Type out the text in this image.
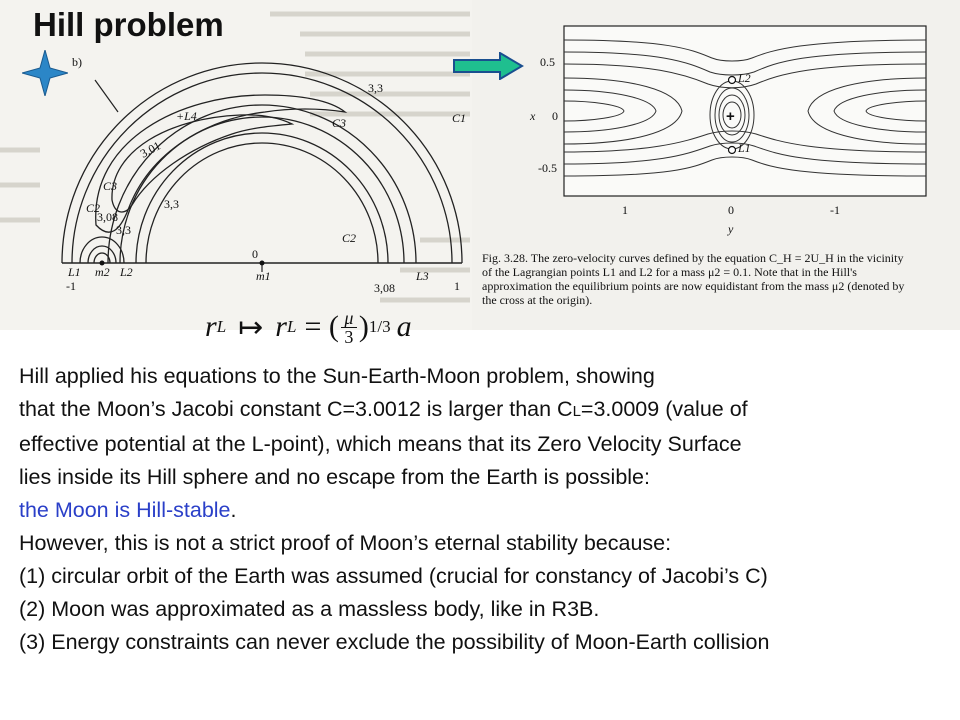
b)
3,3
3.01
C3	C1
+L4
C2
3,08
3,3
3,3
C2
C3
3,08
L1 m2 L2
0
m1	L3
-1	1
+
L2
L1
x
0.5
0
-0.5
1	0	-1
y
Fig. 3.28. The zero-velocity curves defined by the equation C_H = 2U_H in the vicinity
of the Lagrangian points L1 and L2 for a mass μ2 = 0.1. Note that in the Hill's
approximation the equilibrium points are now equidistant from the mass μ2 (denoted by
the cross at the origin).
Hill problem
r L ↦ r L = ( μ
3 ) 1/3 a
Hill applied his equations to the Sun-Earth-Moon problem, showing
that the Moon’s Jacobi constant C=3.0012 is larger than CL=3.0009 (value of
effective potential at the L-point), which means that its Zero Velocity Surface
lies inside its Hill sphere and no escape from the Earth is possible:
the Moon is Hill-stable.
However, this is not a strict proof of Moon’s eternal stability because:
(1) circular orbit of the Earth was assumed (crucial for constancy of Jacobi’s C)
(2) Moon was approximated as a massless body, like in R3B.
(3) Energy constraints can never exclude the possibility of Moon-Earth collision
